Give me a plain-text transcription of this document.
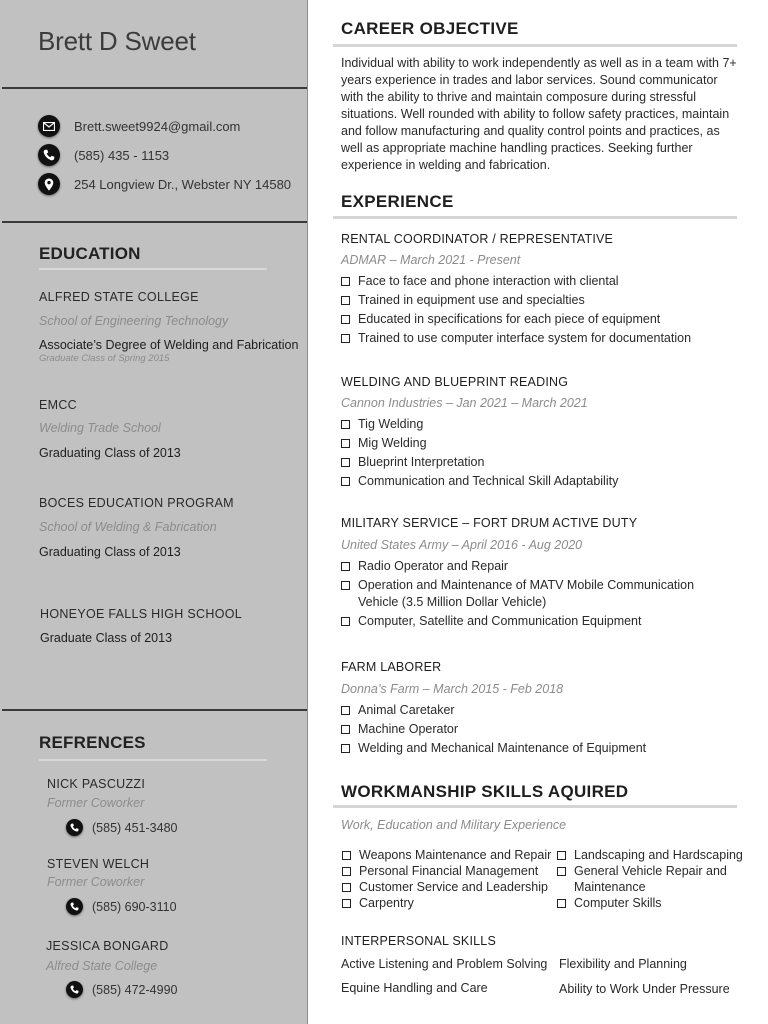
Brett D Sweet
Brett.sweet9924@gmail.com
(585) 435 - 1153
254 Longview Dr., Webster NY 14580
EDUCATION
ALFRED STATE COLLEGE
School of Engineering Technology
Associate’s Degree of Welding and Fabrication
Graduate Class of Spring 2015
EMCC
Welding Trade School
Graduating Class of 2013
BOCES EDUCATION PROGRAM
School of Welding & Fabrication
Graduating Class of 2013
HONEYOE FALLS HIGH SCHOOL
Graduate Class of 2013
REFRENCES
NICK PASCUZZI
Former Coworker
(585) 451-3480
STEVEN WELCH
Former Coworker
(585) 690-3110
JESSICA BONGARD
Alfred State College
(585) 472-4990
CAREER OBJECTIVE
Individual with ability to work independently as well as in a team with 7+ years experience in trades and labor services. Sound communicator with the ability to thrive and maintain composure during stressful situations. Well rounded with ability to follow safety practices, maintain and follow manufacturing and quality control points and practices, as well as appropriate machine handling practices. Seeking further experience in welding and fabrication.
EXPERIENCE
RENTAL COORDINATOR / REPRESENTATIVE
ADMAR – March 2021 - Present
Face to face and phone interaction with cliental
Trained in equipment use and specialties
Educated in specifications for each piece of equipment
Trained to use computer interface system for documentation
WELDING AND BLUEPRINT READING
Cannon Industries – Jan 2021 – March 2021
Tig Welding
Mig Welding
Blueprint Interpretation
Communication and Technical Skill Adaptability
MILITARY SERVICE – FORT DRUM ACTIVE DUTY
United States Army – April 2016 - Aug 2020
Radio Operator and Repair
Operation and Maintenance of MATV Mobile Communication Vehicle (3.5 Million Dollar Vehicle)
Computer, Satellite and Communication Equipment
FARM LABORER
Donna’s Farm – March 2015 - Feb 2018
Animal Caretaker
Machine Operator
Welding and Mechanical Maintenance of Equipment
WORKMANSHIP SKILLS AQUIRED
Work, Education and Military Experience
Weapons Maintenance and Repair
Personal Financial Management
Customer Service and Leadership
Carpentry
Landscaping and Hardscaping
General Vehicle Repair and Maintenance
Computer Skills
INTERPERSONAL SKILLS
Active Listening and Problem Solving Flexibility and Planning
Equine Handling and Care	Ability to Work Under Pressure
